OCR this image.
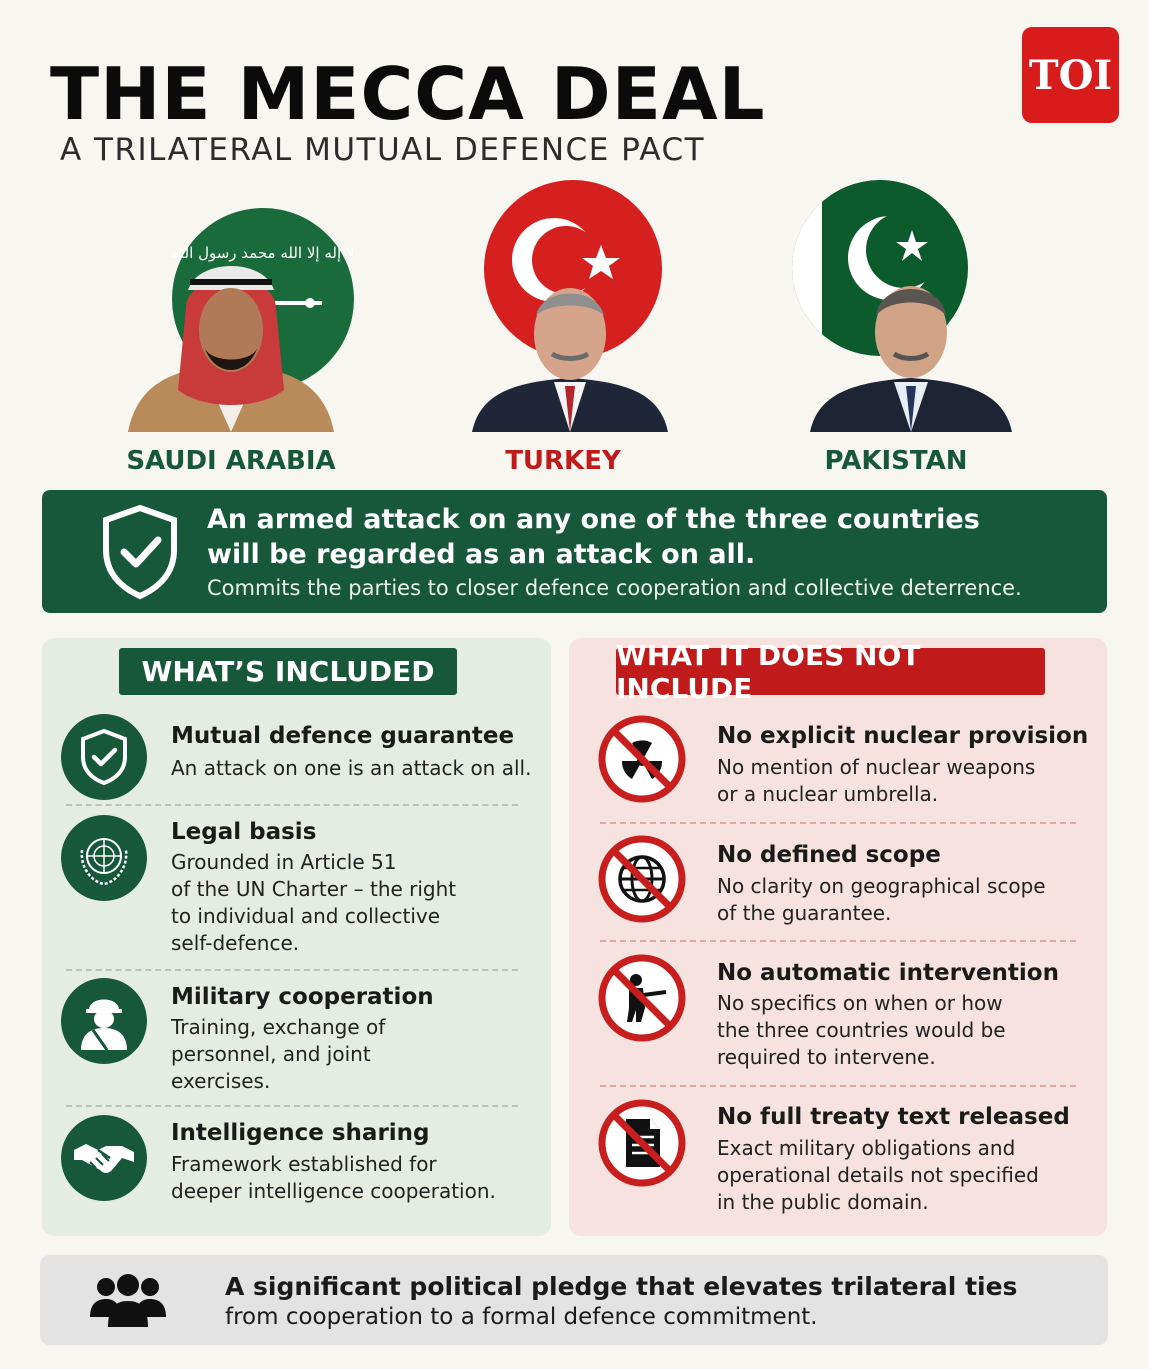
THE MECCA DEAL
A TRILATERAL MUTUAL DEFENCE PACT
TOI
لا إله إلا الله محمد رسول الله
SAUDI ARABIA	TURKEY	PAKISTAN
An armed attack on any one of the three countries
will be regarded as an attack on all.
Commits the parties to closer defence cooperation and collective deterrence.
WHAT’S INCLUDED
Mutual defence guarantee
An attack on one is an attack on all.
Legal basis
Grounded in Article 51
of the UN Charter – the right
to individual and collective
self-defence.
Military cooperation
Training, exchange of
personnel, and joint
exercises.
Intelligence sharing
Framework established for
deeper intelligence cooperation.
WHAT IT DOES NOT INCLUDE
No explicit nuclear provision
No mention of nuclear weapons
or a nuclear umbrella.
No defined scope
No clarity on geographical scope
of the guarantee.
No automatic intervention
No specifics on when or how
the three countries would be
required to intervene.
No full treaty text released
Exact military obligations and
operational details not specified
in the public domain.
A significant political pledge that elevates trilateral ties
from cooperation to a formal defence commitment.
